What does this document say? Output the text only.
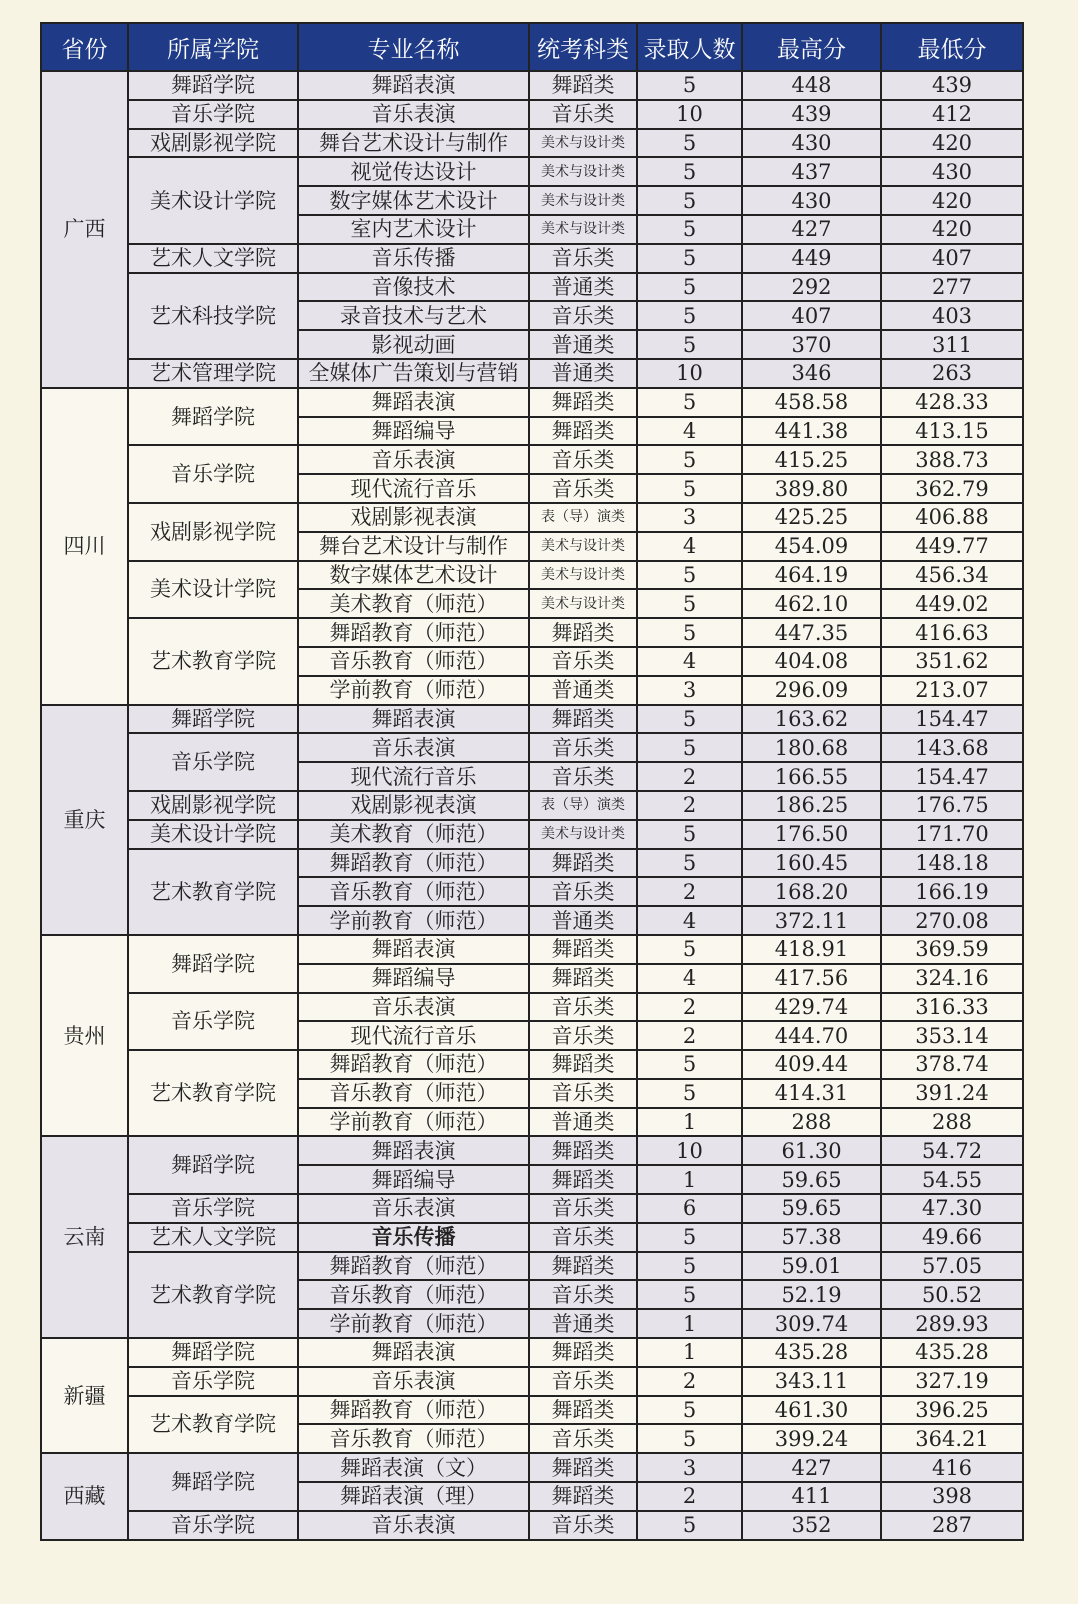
省份	所属学院	专业名称	统考科类	录取人数	最高分	最低分
广西	舞蹈学院	舞蹈表演	舞蹈类	5	448	439
	音乐学院	音乐表演	音乐类	10	439	412
	戏剧影视学院	舞台艺术设计与制作	美术与设计类	5	430	420
	美术设计学院	视觉传达设计	美术与设计类	5	437	430
		数字媒体艺术设计	美术与设计类	5	430	420
		室内艺术设计	美术与设计类	5	427	420
	艺术人文学院	音乐传播	音乐类	5	449	407
	艺术科技学院	音像技术	普通类	5	292	277
		录音技术与艺术	音乐类	5	407	403
		影视动画	普通类	5	370	311
	艺术管理学院	全媒体广告策划与营销	普通类	10	346	263
四川	舞蹈学院	舞蹈表演	舞蹈类	5	458.58	428.33
		舞蹈编导	舞蹈类	4	441.38	413.15
	音乐学院	音乐表演	音乐类	5	415.25	388.73
		现代流行音乐	音乐类	5	389.80	362.79
	戏剧影视学院	戏剧影视表演	表（导）演类	3	425.25	406.88
		舞台艺术设计与制作	美术与设计类	4	454.09	449.77
	美术设计学院	数字媒体艺术设计	美术与设计类	5	464.19	456.34
		美术教育（师范）	美术与设计类	5	462.10	449.02
	艺术教育学院	舞蹈教育（师范）	舞蹈类	5	447.35	416.63
		音乐教育（师范）	音乐类	4	404.08	351.62
		学前教育（师范）	普通类	3	296.09	213.07
重庆	舞蹈学院	舞蹈表演	舞蹈类	5	163.62	154.47
	音乐学院	音乐表演	音乐类	5	180.68	143.68
		现代流行音乐	音乐类	2	166.55	154.47
	戏剧影视学院	戏剧影视表演	表（导）演类	2	186.25	176.75
	美术设计学院	美术教育（师范）	美术与设计类	5	176.50	171.70
	艺术教育学院	舞蹈教育（师范）	舞蹈类	5	160.45	148.18
		音乐教育（师范）	音乐类	2	168.20	166.19
		学前教育（师范）	普通类	4	372.11	270.08
贵州	舞蹈学院	舞蹈表演	舞蹈类	5	418.91	369.59
		舞蹈编导	舞蹈类	4	417.56	324.16
	音乐学院	音乐表演	音乐类	2	429.74	316.33
		现代流行音乐	音乐类	2	444.70	353.14
	艺术教育学院	舞蹈教育（师范）	舞蹈类	5	409.44	378.74
		音乐教育（师范）	音乐类	5	414.31	391.24
		学前教育（师范）	普通类	1	288	288
云南	舞蹈学院	舞蹈表演	舞蹈类	10	61.30	54.72
		舞蹈编导	舞蹈类	1	59.65	54.55
	音乐学院	音乐表演	音乐类	6	59.65	47.30
	艺术人文学院	音乐传播	音乐类	5	57.38	49.66
	艺术教育学院	舞蹈教育（师范）	舞蹈类	5	59.01	57.05
		音乐教育（师范）	音乐类	5	52.19	50.52
		学前教育（师范）	普通类	1	309.74	289.93
新疆	舞蹈学院	舞蹈表演	舞蹈类	1	435.28	435.28
	音乐学院	音乐表演	音乐类	2	343.11	327.19
	艺术教育学院	舞蹈教育（师范）	舞蹈类	5	461.30	396.25
		音乐教育（师范）	音乐类	5	399.24	364.21
西藏	舞蹈学院	舞蹈表演（文）	舞蹈类	3	427	416
		舞蹈表演（理）	舞蹈类	2	411	398
	音乐学院	音乐表演	音乐类	5	352	287
